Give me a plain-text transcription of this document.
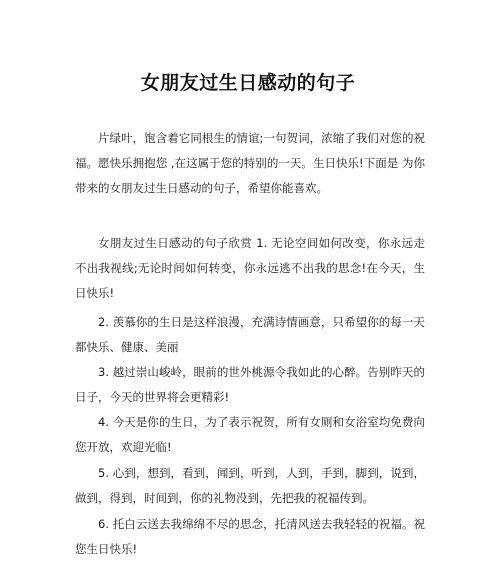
女朋友过生日感动的句子

片绿叶，饱含着它同根生的情谊;一句贺词，浓缩了我们对您的祝福。愿快乐拥抱您 ,在这属于您的特别的一天。生日快乐!下面是 为你带来的女朋友过生日感动的句子，希望你能喜欢。

女朋友过生日感动的句子欣赏 1. 无论空间如何改变，你永远走不出我视线;无论时间如何转变，你永远逃不出我的思念!在今天，生日快乐!

2. 羡慕你的生日是这样浪漫，充满诗情画意，只希望你的每一天都快乐、健康、美丽

3. 越过崇山峻岭，眼前的世外桃源令我如此的心醉。告别昨天的日子，今天的世界将会更精彩!

4. 今天是你的生日，为了表示祝贺，所有女厕和女浴室均免费向您开放，欢迎光临!

5. 心到，想到，看到，闻到，听到，人到，手到，脚到，说到，做到，得到，时间到，你的礼物没到，先把我的祝福传到。

6. 托白云送去我绵绵不尽的思念，托清风送去我轻轻的祝福。祝您生日快乐!
